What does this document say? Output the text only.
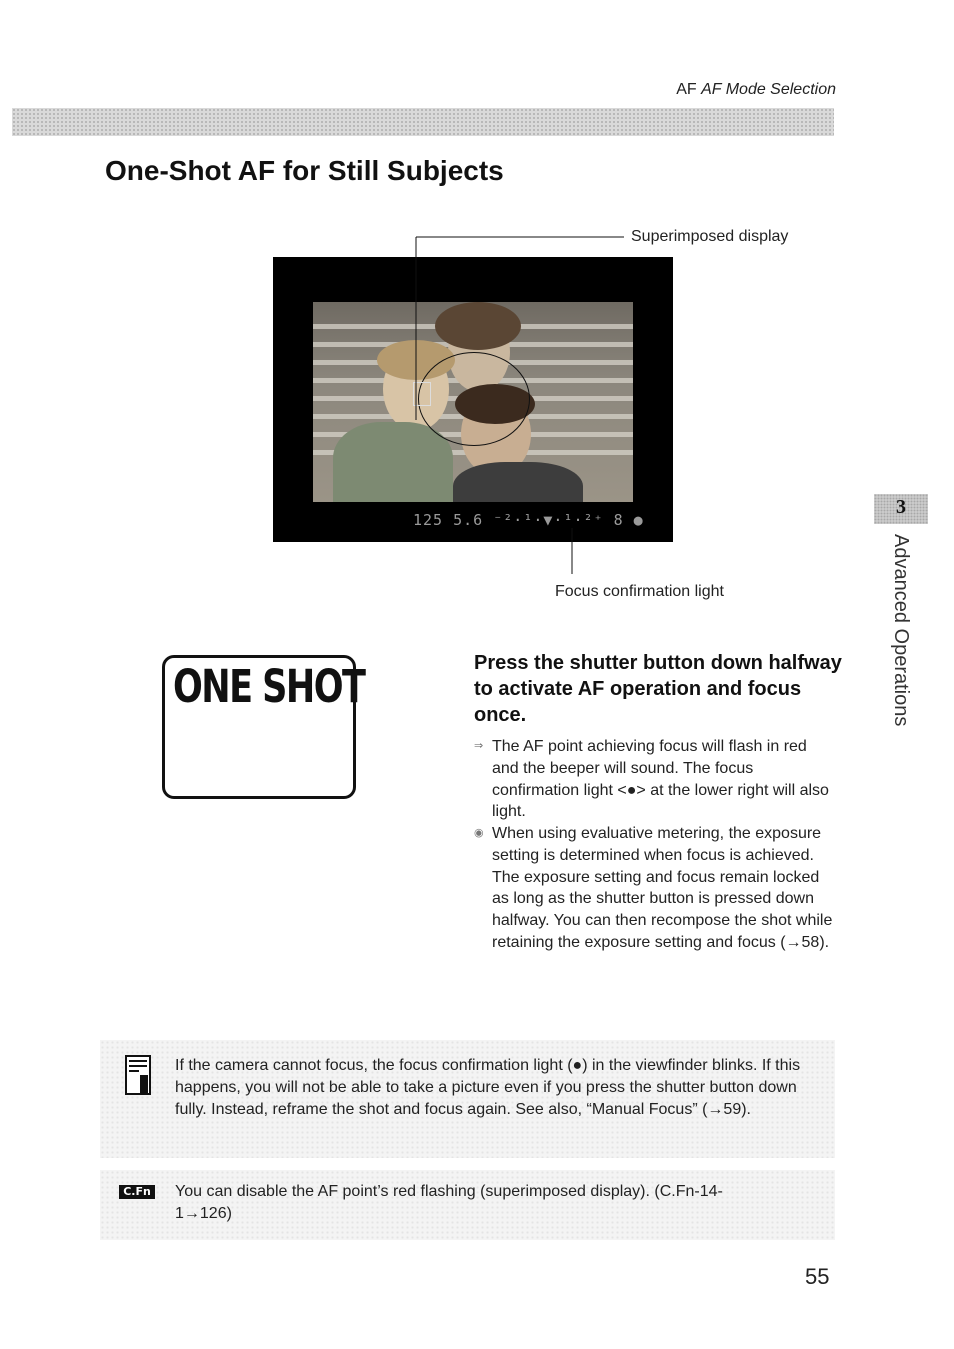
AF AF Mode Selection
One-Shot AF for Still Subjects
Superimposed display
Focus confirmation light
125 5.6 ⁻²·¹·▼·¹·²⁺ 8 ●
ONE SHOT	Press the shutter button down halfway to activate AF operation and focus once.
⇒ The AF point achieving focus will flash in red and the beeper will sound. The focus confirmation light <●> at the lower right will also light.
◉ When using evaluative metering, the exposure setting is determined when focus is achieved. The exposure setting and focus remain locked as long as the shutter button is pressed down halfway. You can then recompose the shot while retaining the exposure setting and focus (→58).
3
Advanced Operations
If the camera cannot focus, the focus confirmation light (●) in the viewfinder blinks. If this happens, you will not be able to take a picture even if you press the shutter button down fully. Instead, reframe the shot and focus again. See also, “Manual Focus” (→59).
C.Fn You can disable the AF point’s red flashing (superimposed display). (C.Fn-14-1→126)
55
